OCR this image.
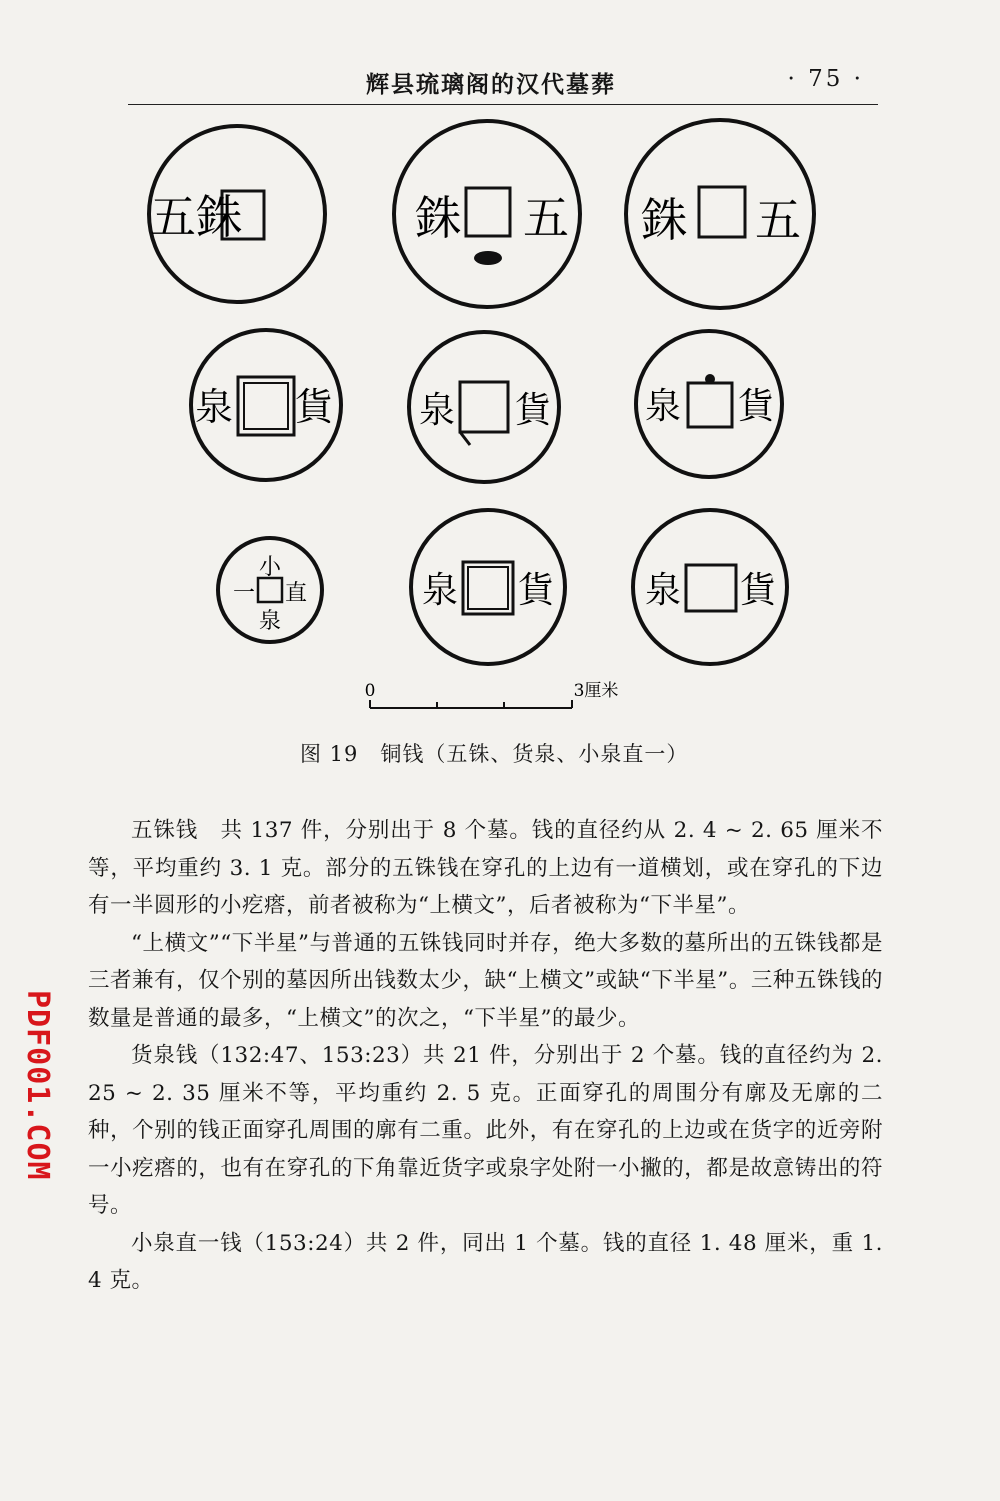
辉县琉璃阁的汉代墓葬	· 75 ·
五銖	銖 五 銖 五
泉 貨 泉 貨	泉 貨
小
直
一
泉
泉 貨	泉 貨
0	3厘米
图 19　铜钱（五铢、货泉、小泉直一）

五铢钱　共 137 件，分别出于 8 个墓。钱的直径约从 2. 4 ~ 2. 65 厘米不等，平均重约 3. 1 克。部分的五铢钱在穿孔的上边有一道横划，或在穿孔的下边有一半圆形的小疙瘩，前者被称为“上横文”，后者被称为“下半星”。

“上横文”“下半星”与普通的五铢钱同时并存，绝大多数的墓所出的五铢钱都是三者兼有，仅个别的墓因所出钱数太少，缺“上横文”或缺“下半星”。三种五铢钱的数量是普通的最多，“上横文”的次之，“下半星”的最少。

货泉钱（132:47、153:23）共 21 件，分别出于 2 个墓。钱的直径约为 2. 25 ~ 2. 35 厘米不等，平均重约 2. 5 克。正面穿孔的周围分有廓及无廓的二种，个别的钱正面穿孔周围的廓有二重。此外，有在穿孔的上边或在货字的近旁附一小疙瘩的，也有在穿孔的下角靠近货字或泉字处附一小撇的，都是故意铸出的符号。

小泉直一钱（153:24）共 2 件，同出 1 个墓。钱的直径 1. 48 厘米，重 1. 4 克。

PDF001.COM
